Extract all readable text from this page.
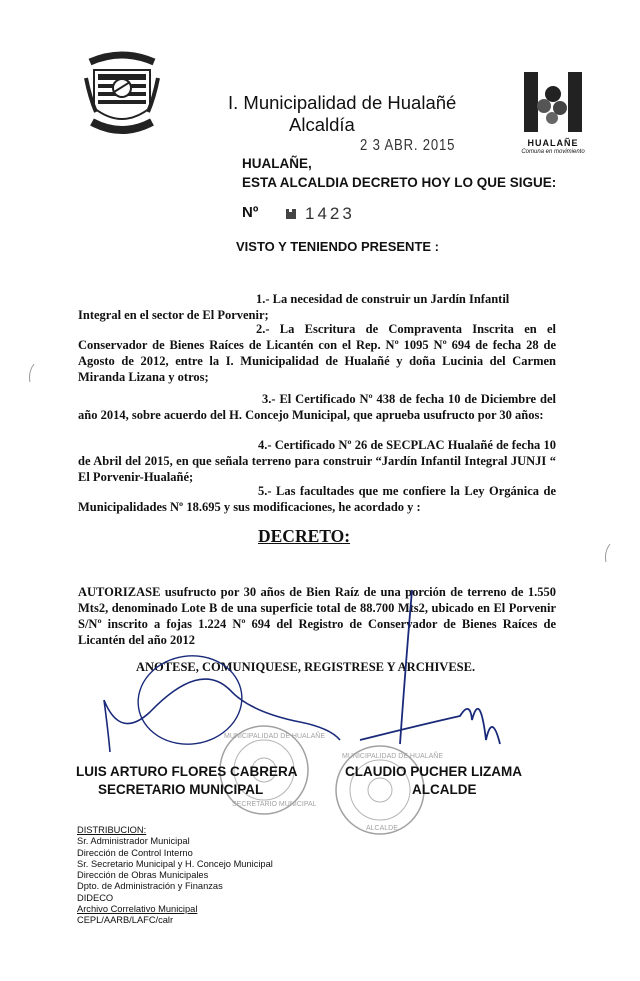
I. Municipalidad de Hualañé
Alcaldía
2 3 ABR. 2015	HUALAÑE
Comuna en movimiento
HUALAÑE,
ESTA ALCALDIA DECRETO HOY LO QUE SIGUE:
Nº	1423
VISTO Y TENIENDO PRESENTE :
1.- La necesidad de construir un Jardín Infantil
Integral en el sector de El Porvenir;
2.- La Escritura de Compraventa Inscrita en el Conservador de Bienes Raíces de Licantén con el Rep. Nº 1095 Nº 694 de fecha 28 de Agosto de 2012, entre la I. Municipalidad de Hualañé y doña Lucinia del Carmen Miranda Lizana y otros;
3.- El Certificado Nº 438 de fecha 10 de Diciembre del año 2014, sobre acuerdo del H. Concejo Municipal, que aprueba usufructo por 30 años:
4.- Certificado Nº 26 de SECPLAC Hualañé de fecha 10 de Abril del 2015, en que señala terreno para construir “Jardín Infantil Integral JUNJI “ El Porvenir-Hualañé;
5.- Las facultades que me confiere la Ley Orgánica de Municipalidades Nº 18.695 y sus modificaciones, he acordado y :
DECRETO:
AUTORIZASE usufructo por 30 años de Bien Raíz de una porción de terreno de 1.550 Mts2, denominado Lote B de una superficie total de 88.700 Mts2, ubicado en El Porvenir S/Nº inscrito a fojas 1.224 Nº 694 del Registro de Conservador de Bienes Raíces de Licantén del año 2012
ANOTESE, COMUNIQUESE, REGISTRESE Y ARCHIVESE.
MUNICIPALIDAD DE HUALAÑE
SECRETARIO MUNICIPAL
MUNICIPALIDAD DE HUALAÑE
ALCALDE
LUIS ARTURO FLORES CABRERA
SECRETARIO MUNICIPAL
CLAUDIO PUCHER LIZAMA
ALCALDE
DISTRIBUCION:
Sr. Administrador Municipal
Dirección de Control Interno
Sr. Secretario Municipal y H. Concejo Municipal
Dirección de Obras Municipales
Dpto. de Administración y Finanzas
DIDECO
Archivo Correlativo Municipal
CEPL/AARB/LAFC/calr
